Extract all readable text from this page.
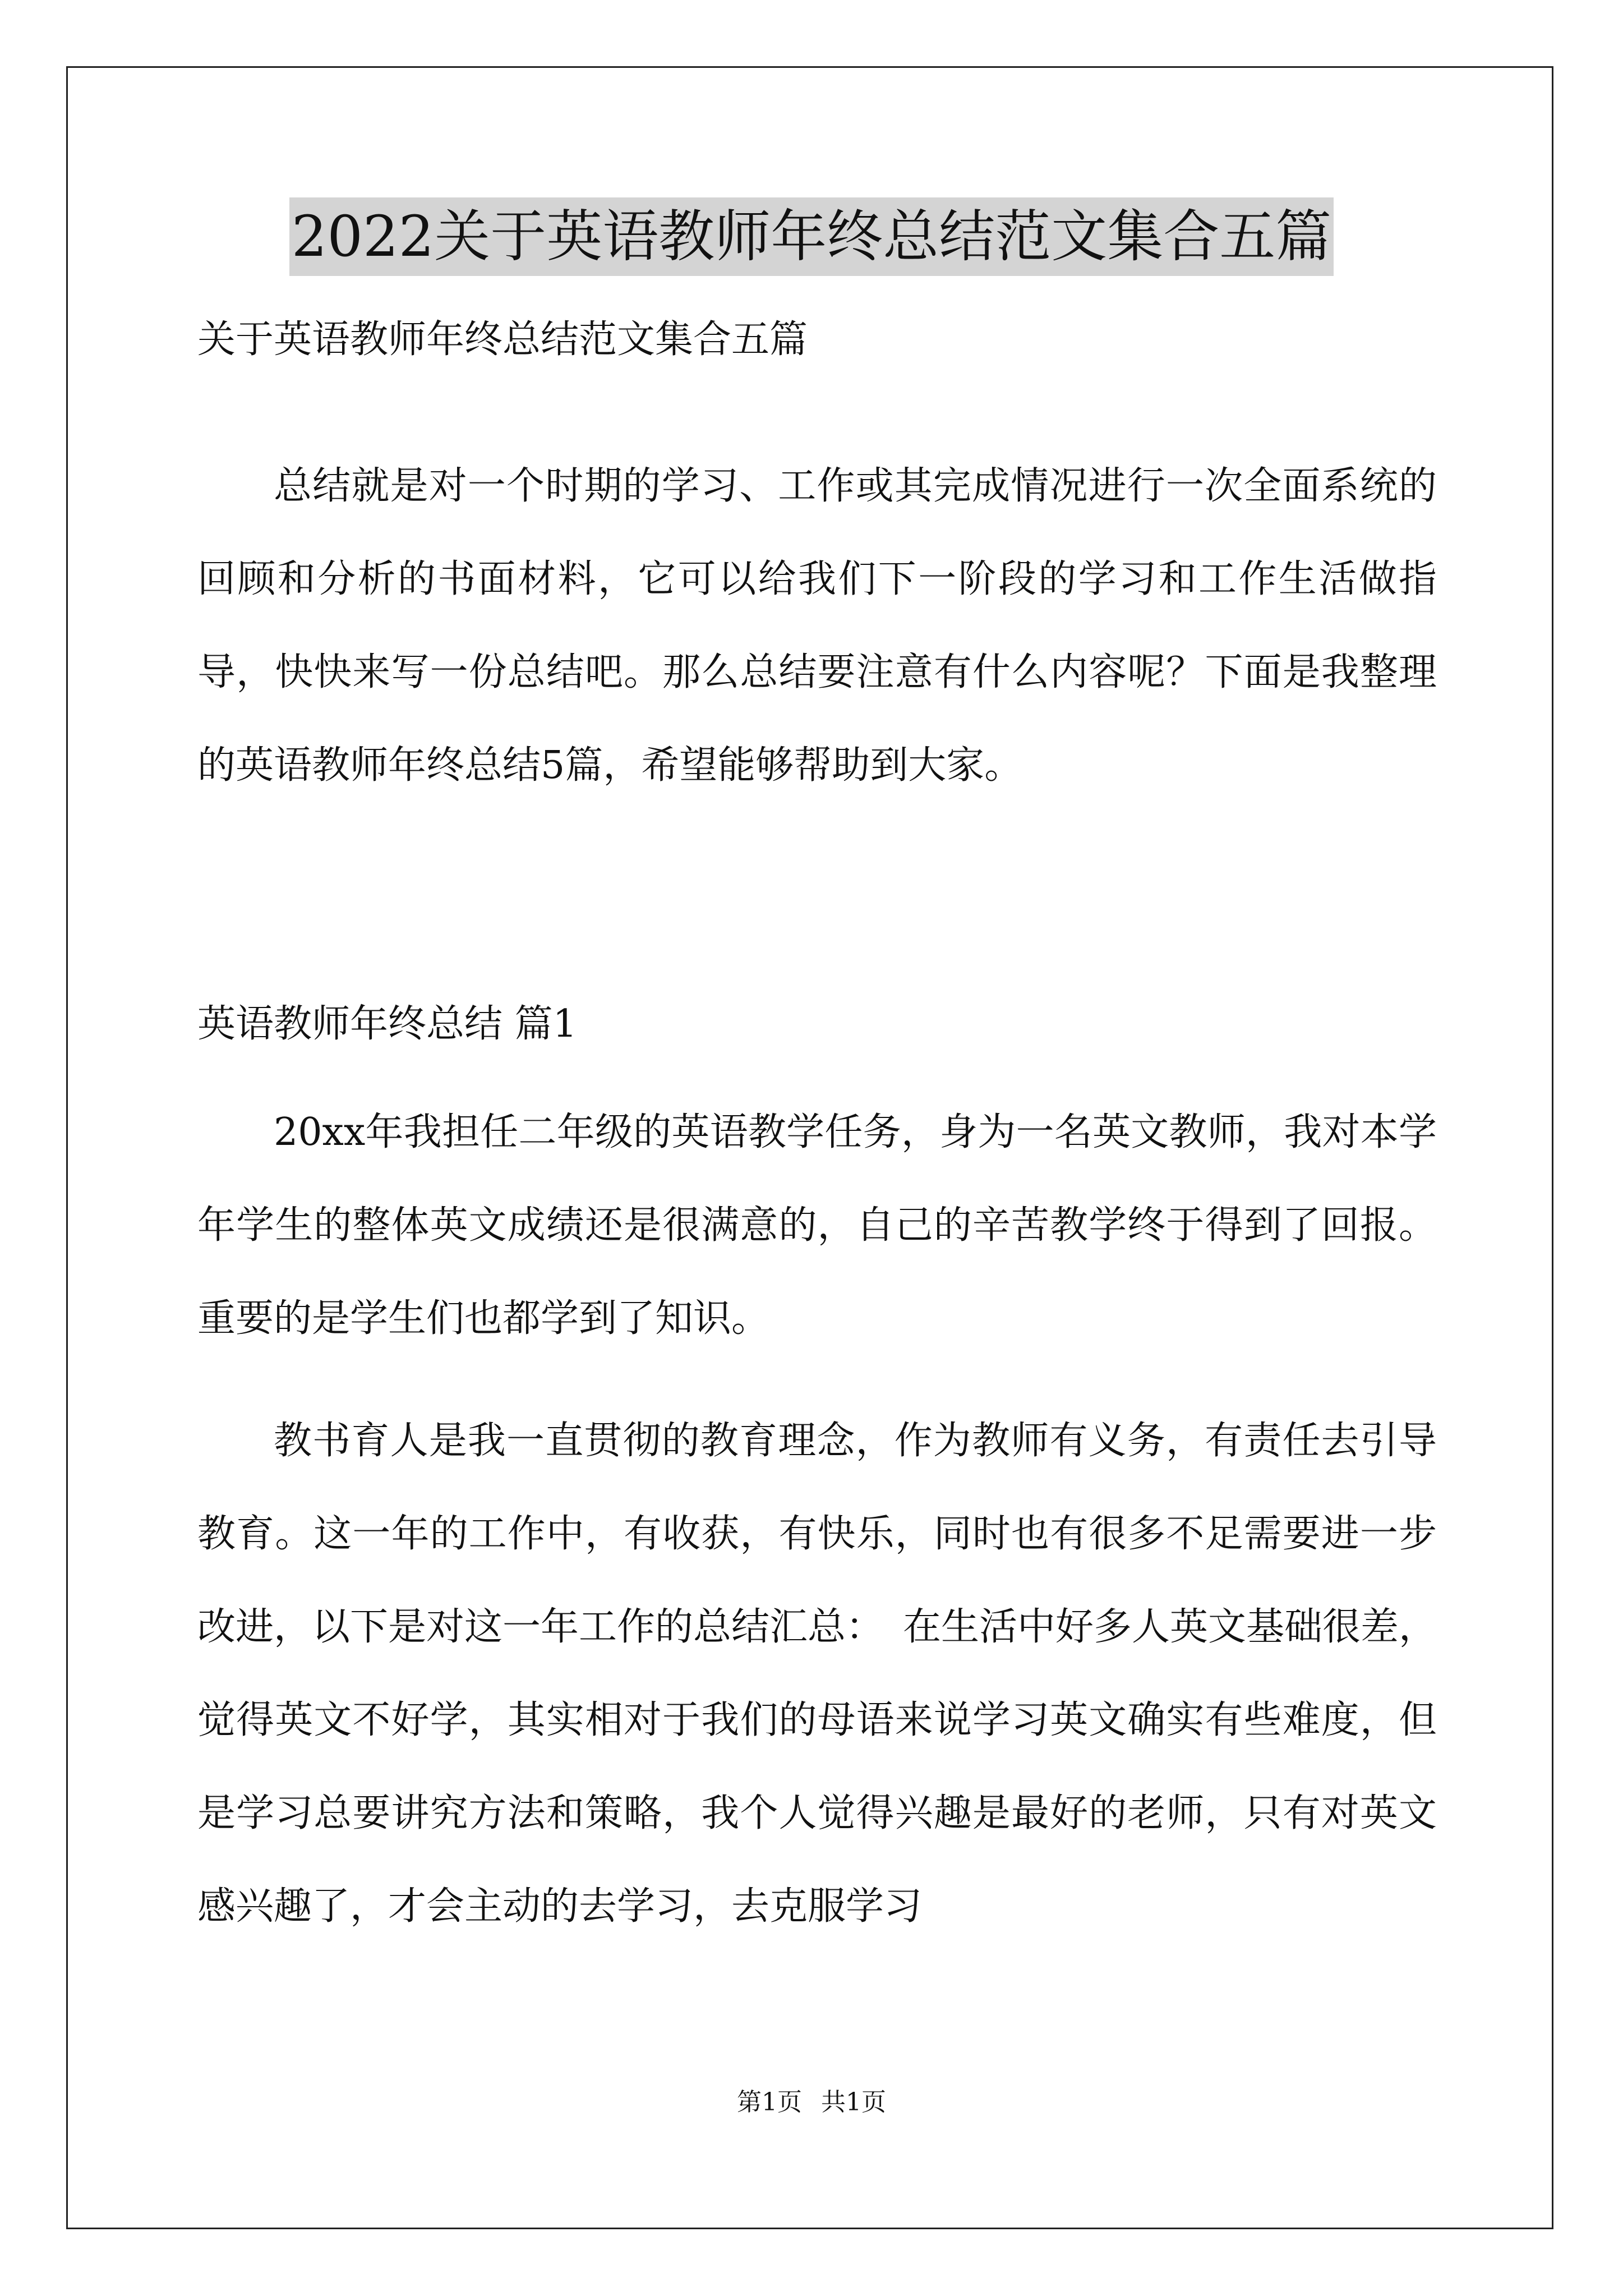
2022关于英语教师年终总结范文集合五篇
关于英语教师年终总结范文集合五篇
总结就是对一个时期的学习、工作或其完成情况进行一次全面系统的回顾和分析的书面材料，它可以给我们下一阶段的学习和工作生活做指导，快快来写一份总结吧。那么总结要注意有什么内容呢？下面是我整理的英语教师年终总结5篇，希望能够帮助到大家。
英语教师年终总结 篇1
20xx年我担任二年级的英语教学任务，身为一名英文教师，我对本学年学生的整体英文成绩还是很满意的，自己的辛苦教学终于得到了回报。重要的是学生们也都学到了知识。
教书育人是我一直贯彻的教育理念，作为教师有义务，有责任去引导教育。这一年的工作中，有收获，有快乐，同时也有很多不足需要进一步改进，以下是对这一年工作的总结汇总：　在生活中好多人英文基础很差，觉得英文不好学，其实相对于我们的母语来说学习英文确实有些难度，但是学习总要讲究方法和策略，我个人觉得兴趣是最好的老师，只有对英文感兴趣了，才会主动的去学习，去克服学习
第1页 共1页
